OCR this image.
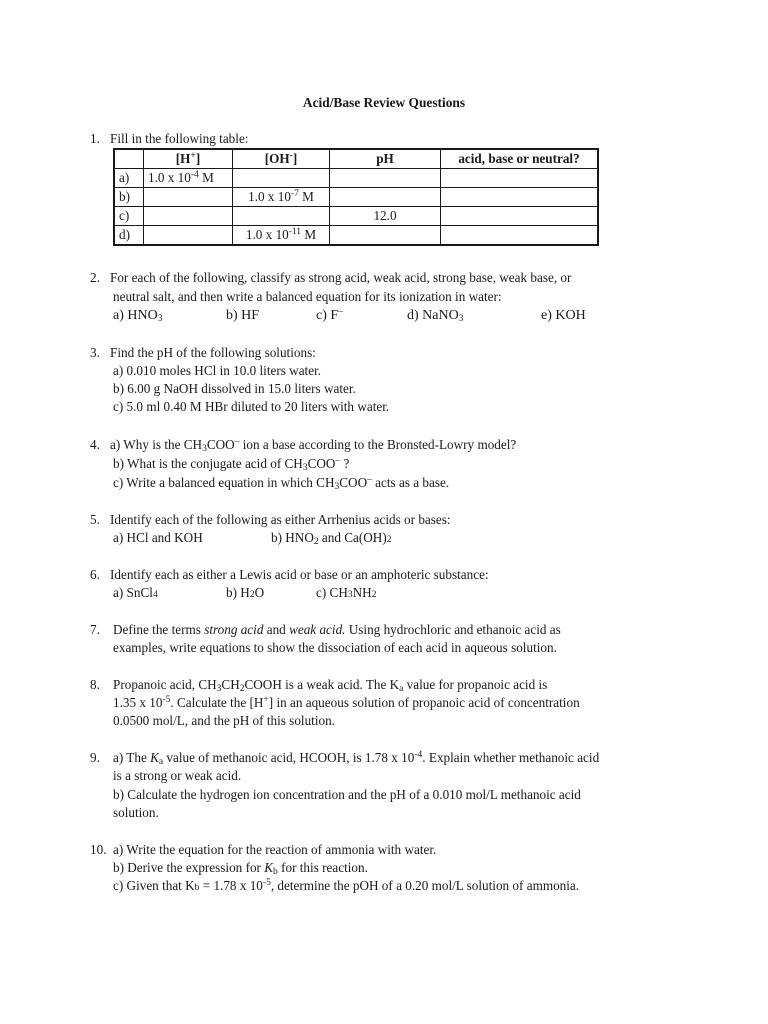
Acid/Base Review Questions
1. Fill in the following table:
	[H+]	[OH-]	pH	acid, base or neutral?
a)	1.0 x $10^{-4}$ M			
b)		1.0 x $10^{-7}$ M		
c)			12.0	
d)		1.0 x $10^{-11}$ M		
2. For each of the following, classify as strong acid, weak acid, strong base, weak base, or
neutral salt, and then write a balanced equation for its ionization in water:
a) $HNO_3$	b) HF	c) F–	d) NaNO$_3$	e) KOH
3. Find the pH of the following solutions:
a) 0.010 moles HCl in 10.0 liters water.
b) 6.00 g NaOH dissolved in 15.0 liters water.
c) 5.0 ml 0.40 M HBr diluted to 20 liters with water.
4. a) Why is the $CH_3COO^-$ ion a base according to the Bronsted-Lowry model?
b) What is the conjugate acid of $CH_3COO^-$ ?
c) Write a balanced equation in which $CH_3COO^-$ acts as a base.
5. Identify each of the following as either Arrhenius acids or bases:
a) HCl and KOH	b) $HNO_2$ and Ca(OH)2
6. Identify each as either a Lewis acid or base or an amphoteric substance:
a) SnCl4	b) H2O	c) CH3NH2
7. Define the terms strong acid and weak acid. Using hydrochloric and ethanoic acid as
examples, write equations to show the dissociation of each acid in aqueous solution.
8. Propanoic acid, $CH_3CH_2COOH$ is a weak acid. The $K_a$ value for propanoic acid is
1.35 x $10^{-5}$. Calculate the [H+] in an aqueous solution of propanoic acid of concentration
0.0500 mol/L, and the pH of this solution.
9. a) The $K_a$ value of methanoic acid, HCOOH, is 1.78 x $10^{-4}$. Explain whether methanoic acid
is a strong or weak acid.
b) Calculate the hydrogen ion concentration and the pH of a 0.010 mol/L methanoic acid
solution.
10. a) Write the equation for the reaction of ammonia with water.
b) Derive the expression for $K_b$ for this reaction.
c) Given that Kb = 1.78 x $10^{-5}$, determine the pOH of a 0.20 mol/L solution of ammonia.
